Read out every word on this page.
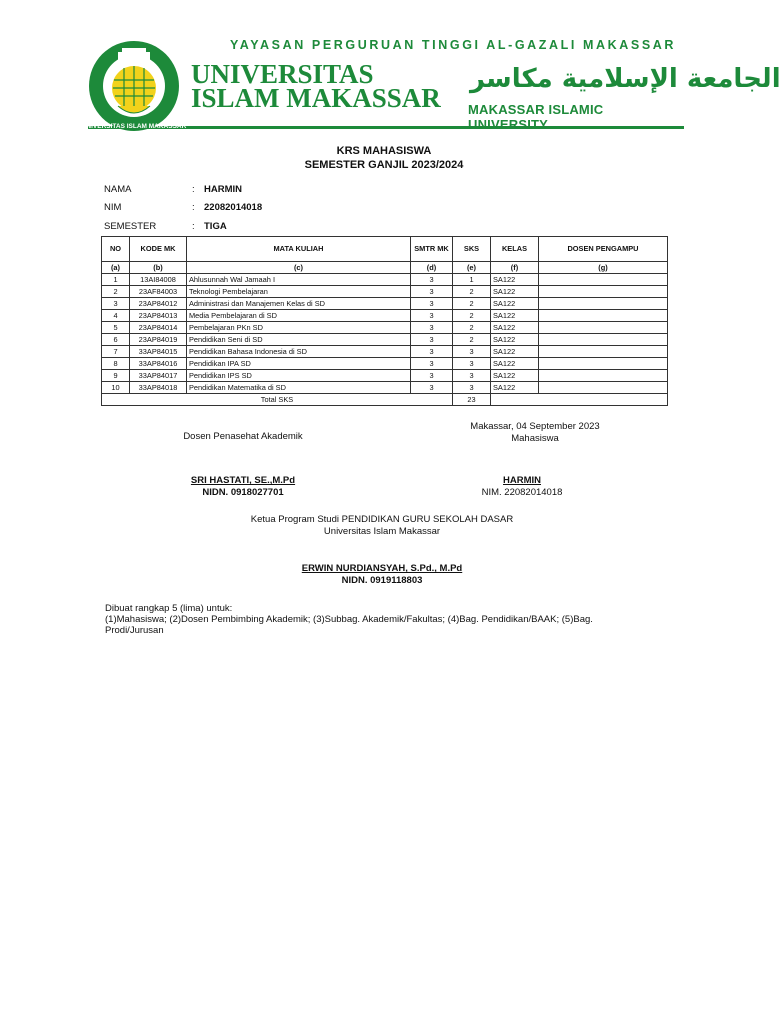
UNIVERSITAS ISLAM MAKASSAR
YAYASAN PERGURUAN TINGGI AL-GAZALI MAKASSAR
UNIVERSITAS
ISLAM MAKASSAR
الجامعة الإسلامية مكاسر
MAKASSAR ISLAMIC UNIVERSITY
KRS MAHASISWA
SEMESTER GANJIL 2023/2024
NAMA	: HARMIN
NIM	: 22082014018
SEMESTER	: TIGA
NO	KODE MK	MATA KULIAH	SMTR MK	SKS	KELAS	DOSEN PENGAMPU
(a)	(b)	(c)	(d)	(e)	(f)	(g)
1	13AI84008	Ahlusunnah Wal Jamaah I	3	1	SA122	
2	23AF84003	Teknologi Pembelajaran	3	2	SA122	
3	23AP84012	Administrasi dan Manajemen Kelas di SD	3	2	SA122	
4	23AP84013	Media Pembelajaran di SD	3	2	SA122	
5	23AP84014	Pembelajaran PKn SD	3	2	SA122	
6	23AP84019	Pendidikan Seni di SD	3	2	SA122	
7	33AP84015	Pendidikan Bahasa Indonesia di SD	3	3	SA122	
8	33AP84016	Pendidikan IPA SD	3	3	SA122	
9	33AP84017	Pendidikan IPS SD	3	3	SA122	
10	33AP84018	Pendidikan Matematika di SD	3	3	SA122	
Total SKS				23		
Makassar, 04 September 2023
Mahasiswa
Dosen Penasehat Akademik
SRI HASTATI, SE.,M.Pd
NIDN. 0918027701
HARMIN
NIM. 22082014018
Ketua Program Studi PENDIDIKAN GURU SEKOLAH DASAR
Universitas Islam Makassar
ERWIN NURDIANSYAH, S.Pd., M.Pd
NIDN. 0919118803
Dibuat rangkap 5 (lima) untuk:
(1)Mahasiswa; (2)Dosen Pembimbing Akademik; (3)Subbag. Akademik/Fakultas; (4)Bag. Pendidikan/BAAK; (5)Bag. Prodi/Jurusan
